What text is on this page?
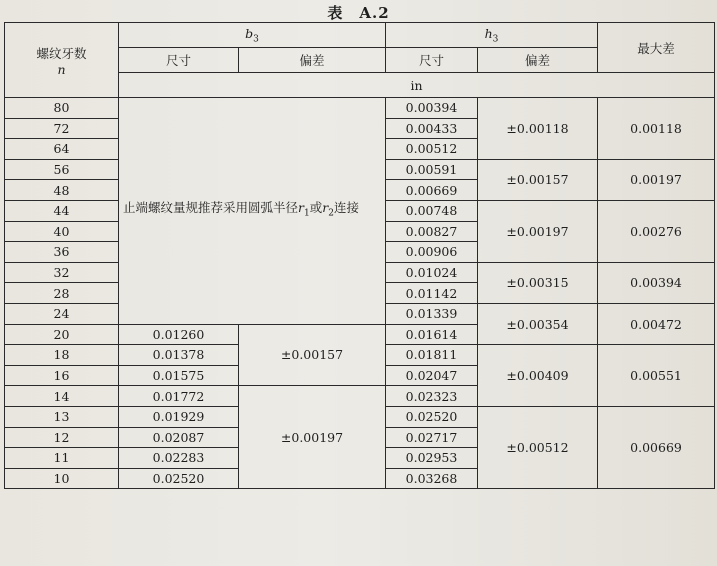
表　A.2
螺纹牙数
n	$b_3$		$h_3$		最大差
	尺寸	偏差	尺寸	偏差	
	in				
80	止端螺纹量规推荐采用圆弧半径$r_1$或$r_2$连接		0.00394	±0.00118	0.00118
72			0.00433		
64			0.00512		
56			0.00591	±0.00157	0.00197
48			0.00669		
44			0.00748	±0.00197	0.00276
40			0.00827		
36			0.00906		
32			0.01024	±0.00315	0.00394
28			0.01142		
24			0.01339	±0.00354	0.00472
20	0.01260	±0.00157	0.01614		
18	0.01378		0.01811	±0.00409	0.00551
16	0.01575		0.02047		
14	0.01772	±0.00197	0.02323		
13	0.01929		0.02520	±0.00512	0.00669
12	0.02087		0.02717		
11	0.02283		0.02953		
10	0.02520		0.03268		
